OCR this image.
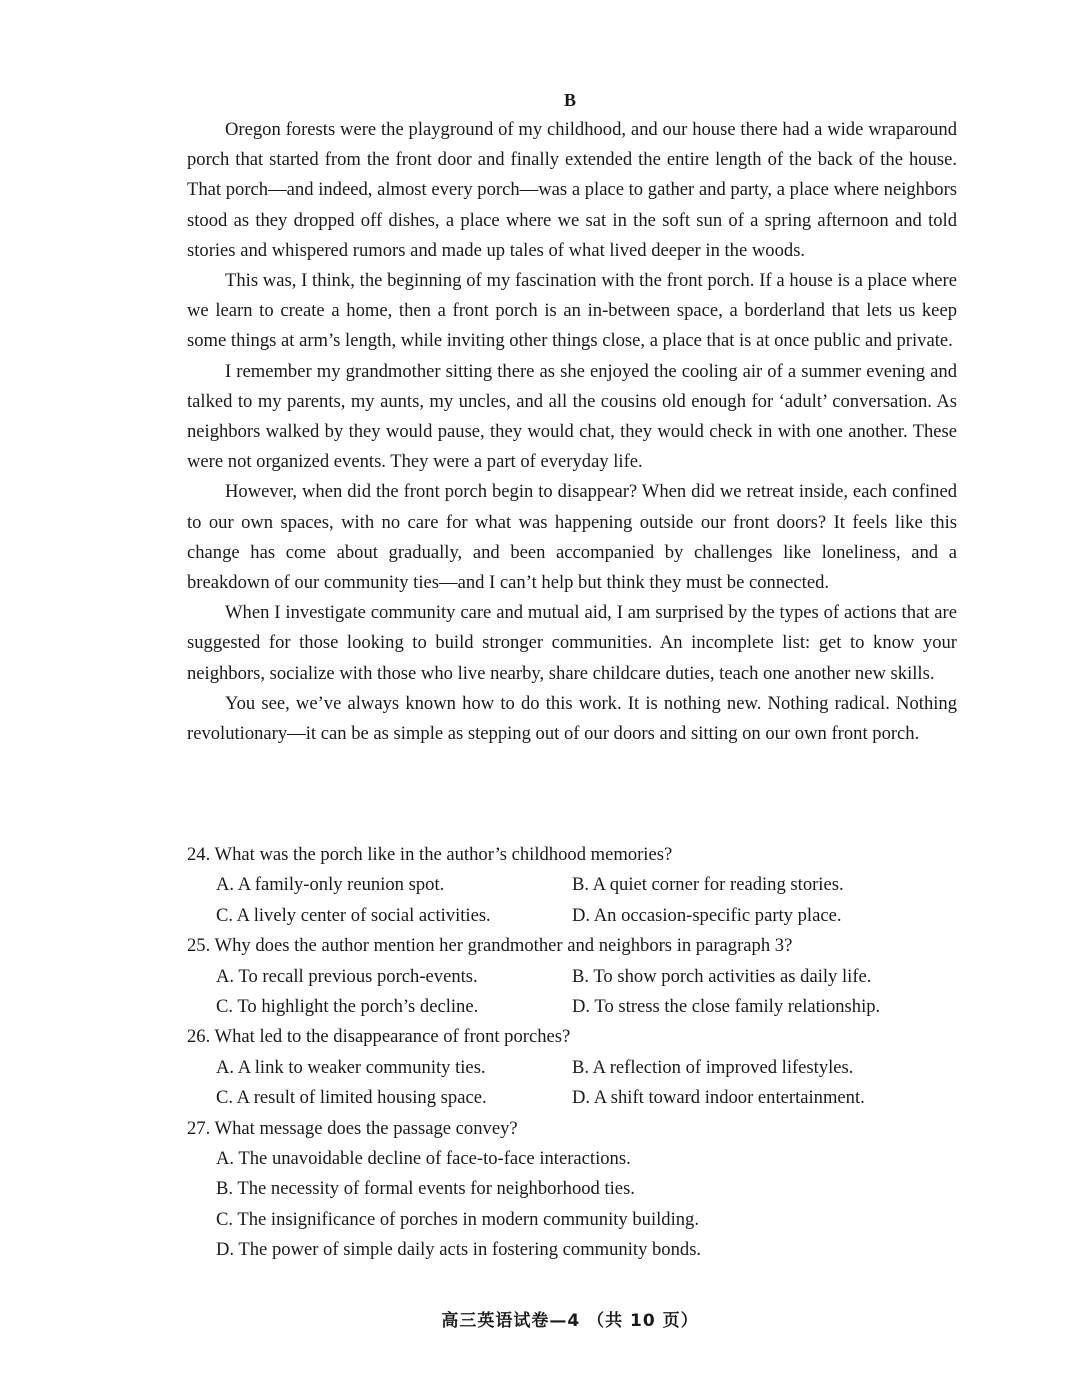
B

Oregon forests were the playground of my childhood, and our house there had a wide wraparound porch that started from the front door and finally extended the entire length of the back of the house. That porch—and indeed, almost every porch—was a place to gather and party, a place where neighbors stood as they dropped off dishes, a place where we sat in the soft sun of a spring afternoon and told stories and whispered rumors and made up tales of what lived deeper in the woods.

This was, I think, the beginning of my fascination with the front porch. If a house is a place where we learn to create a home, then a front porch is an in-between space, a borderland that lets us keep some things at arm’s length, while inviting other things close, a place that is at once public and private.

I remember my grandmother sitting there as she enjoyed the cooling air of a summer evening and talked to my parents, my aunts, my uncles, and all the cousins old enough for ‘adult’ conversation. As neighbors walked by they would pause, they would chat, they would check in with one another. These were not organized events. They were a part of everyday life.

However, when did the front porch begin to disappear? When did we retreat inside, each confined to our own spaces, with no care for what was happening outside our front doors? It feels like this change has come about gradually, and been accompanied by challenges like loneliness, and a breakdown of our community ties—and I can’t help but think they must be connected.

When I investigate community care and mutual aid, I am surprised by the types of actions that are suggested for those looking to build stronger communities. An incomplete list: get to know your neighbors, socialize with those who live nearby, share childcare duties, teach one another new skills.

You see, we’ve always known how to do this work. It is nothing new. Nothing radical. Nothing revolutionary—it can be as simple as stepping out of our doors and sitting on our own front porch.

24. What was the porch like in the author’s childhood memories?

A. A family-only reunion spot.	B. A quiet corner for reading stories.
C. A lively center of social activities.	D. An occasion-specific party place.

25. Why does the author mention her grandmother and neighbors in paragraph 3?

A. To recall previous porch-events.	B. To show porch activities as daily life.
C. To highlight the porch’s decline.	D. To stress the close family relationship.

26. What led to the disappearance of front porches?

A. A link to weaker community ties.	B. A reflection of improved lifestyles.
C. A result of limited housing space.	D. A shift toward indoor entertainment.

27. What message does the passage convey?

A. The unavoidable decline of face-to-face interactions.
B. The necessity of formal events for neighborhood ties.
C. The insignificance of porches in modern community building.
D. The power of simple daily acts in fostering community bonds.
高三英语试卷—4 （共 10 页）
